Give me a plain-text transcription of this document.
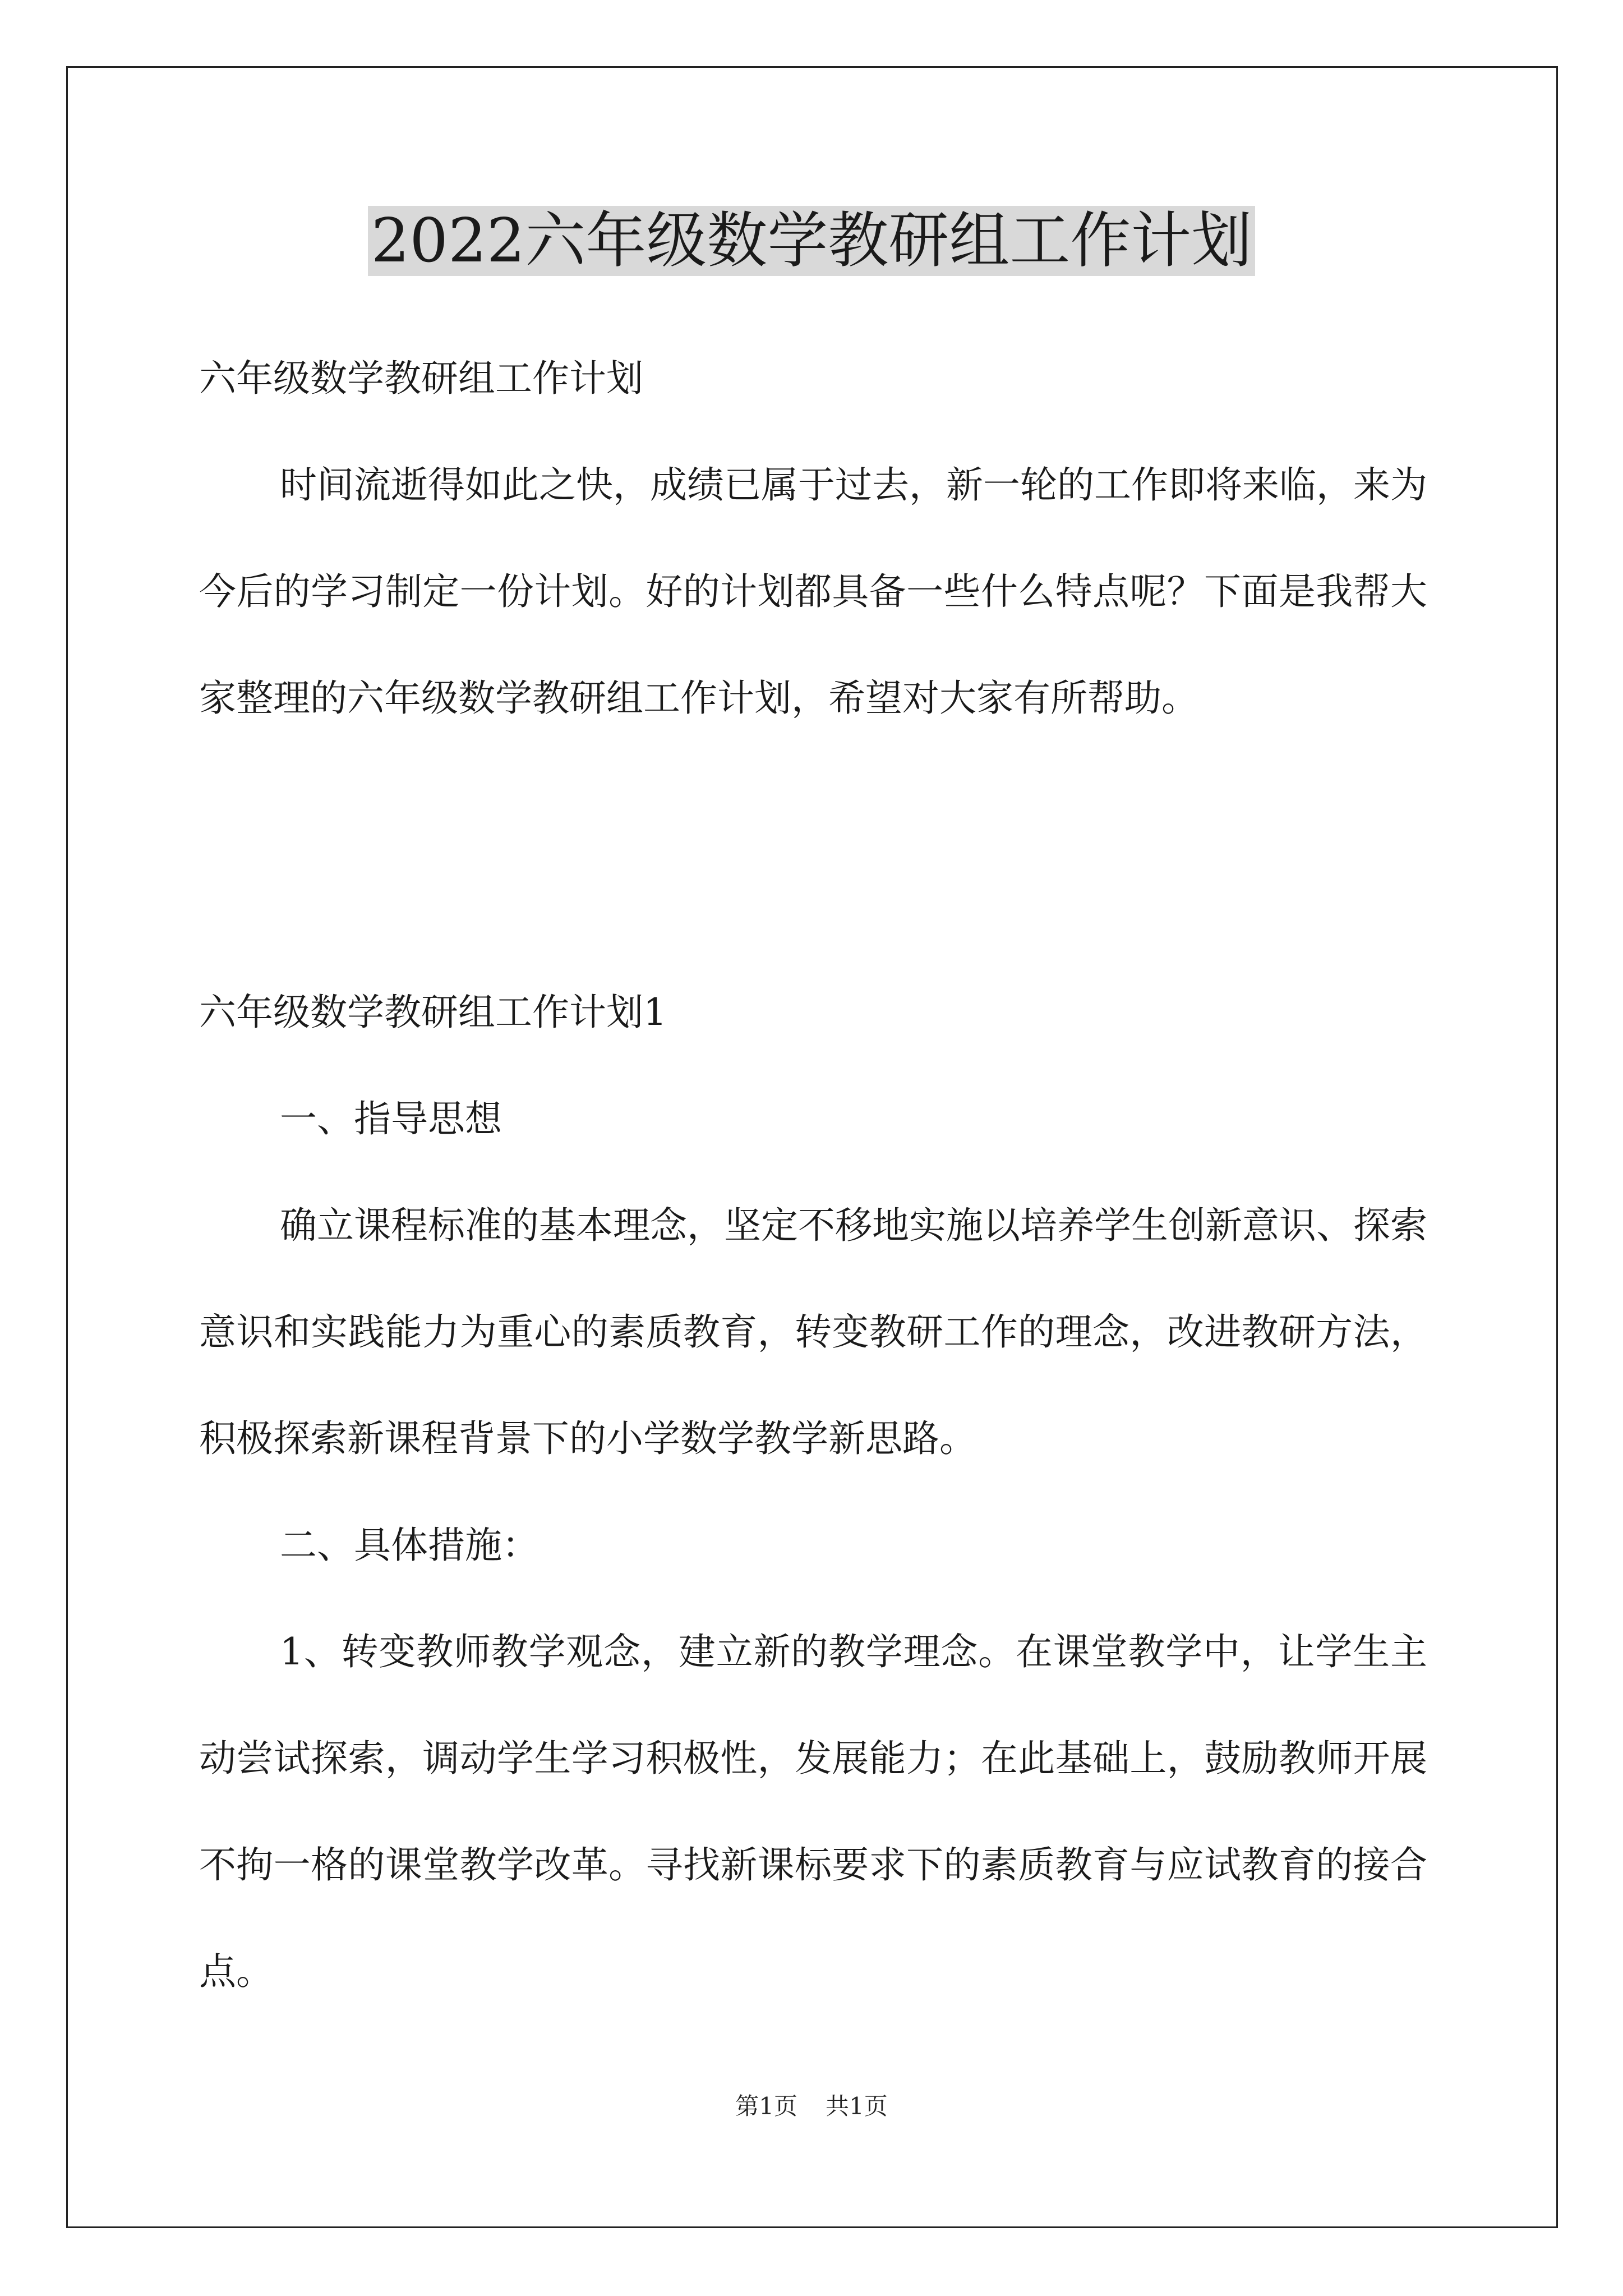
2022六年级数学教研组工作计划

六年级数学教研组工作计划

时间流逝得如此之快，成绩已属于过去，新一轮的工作即将来临，来为今后的学习制定一份计划。好的计划都具备一些什么特点呢？下面是我帮大家整理的六年级数学教研组工作计划，希望对大家有所帮助。

六年级数学教研组工作计划1

一、指导思想

确立课程标准的基本理念，坚定不移地实施以培养学生创新意识、探索意识和实践能力为重心的素质教育，转变教研工作的理念，改进教研方法，积极探索新课程背景下的小学数学教学新思路。

二、具体措施：

1、转变教师教学观念，建立新的教学理念。在课堂教学中，让学生主动尝试探索，调动学生学习积极性，发展能力；在此基础上，鼓励教师开展不拘一格的课堂教学改革。寻找新课标要求下的素质教育与应试教育的接合点。

第1页 共1页
